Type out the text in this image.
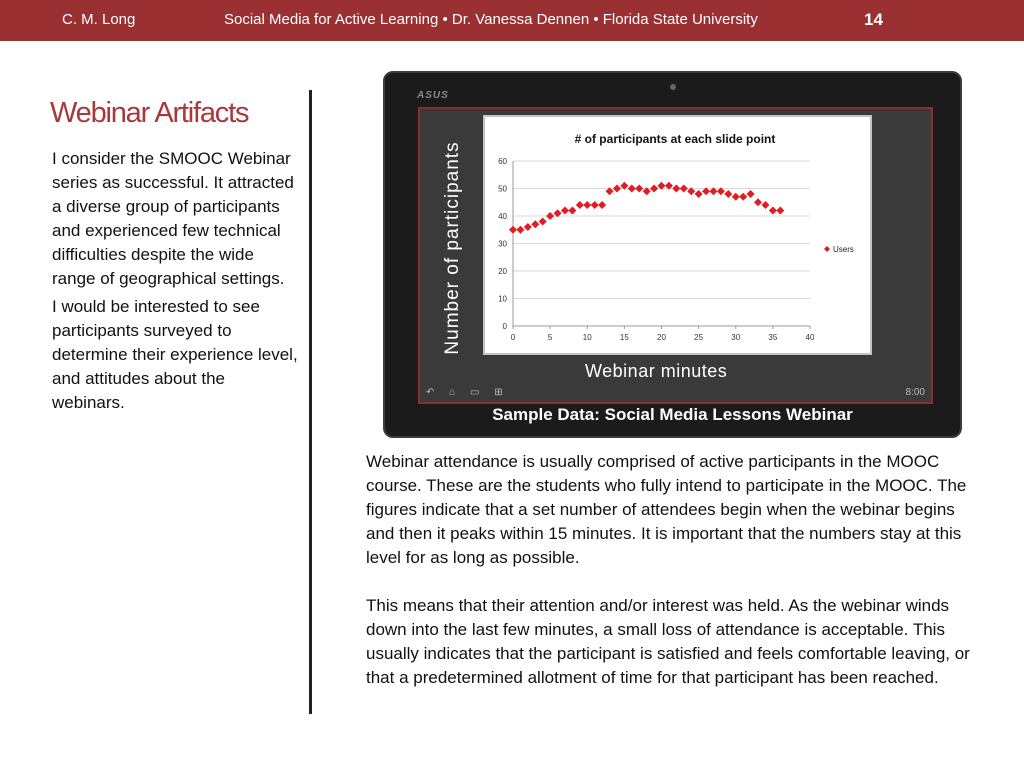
C. M. Long	Social Media for Active Learning • Dr. Vanessa Dennen • Florida State University	14
Webinar Artifacts

I consider the SMOOC Webinar series as successful. It attracted a diverse group of participants and experienced few technical difficulties despite the wide range of geographical settings.

I would be interested to see participants surveyed to determine their experience level, and attitudes about the webinars.

ASUS
Number of participants
Webinar minutes
↶ ⌂ ▭ ⊞	8:00
# of participants at each slide point
0
10
20
30
40
50
60
0	5	10	15	20	25	30	35	40
Users
Sample Data: Social Media Lessons Webinar

Webinar attendance is usually comprised of active participants in the MOOC course. These are the students who fully intend to participate in the MOOC. The figures indicate that a set number of attendees begin when the webinar begins and then it peaks within 15 minutes. It is important that the numbers stay at this level for as long as possible.

This means that their attention and/or interest was held. As the webinar winds down into the last few minutes, a small loss of attendance is acceptable. This usually indicates that the participant is satisfied and feels comfortable leaving, or that a predetermined allotment of time for that participant has been reached.
